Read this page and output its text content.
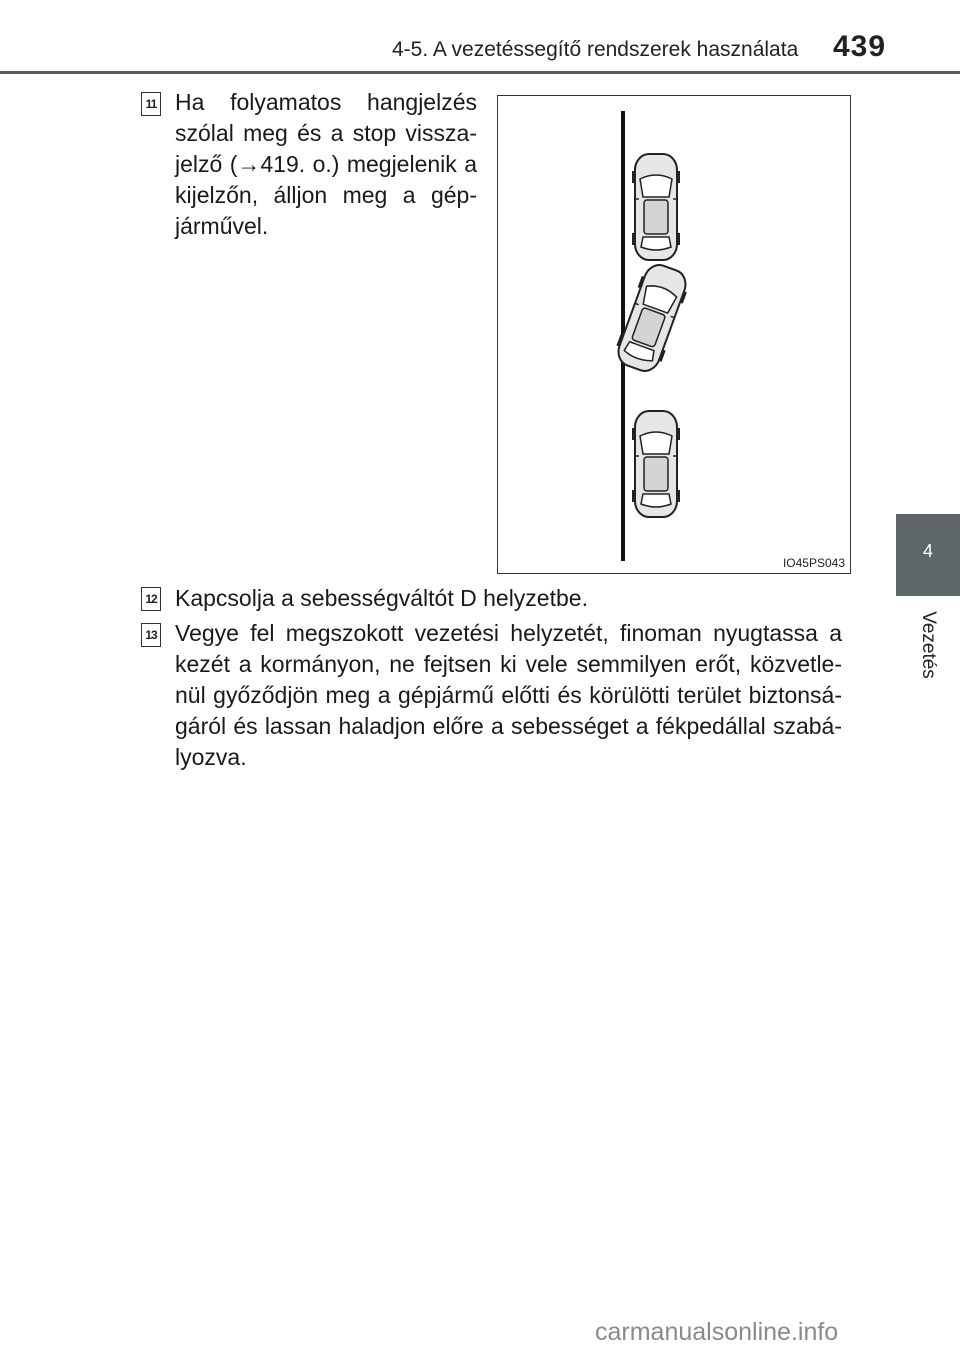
4-5. A vezetéssegítő rendszerek használata 439
4
Vezetés
11 Ha folyamatos hangjelzés szólal meg és a stop vissza-jelző (→419. o.) megjelenik a kijelzőn, álljon meg a gép-járművel.
IO45PS043
12 Kapcsolja a sebességváltót D helyzetbe.
13 Vegye fel megszokott vezetési helyzetét, finoman nyugtassa a kezét a kormányon, ne fejtsen ki vele semmilyen erőt, közvetle-nül győződjön meg a gépjármű előtti és körülötti terület biztonsá-gáról és lassan haladjon előre a sebességet a fékpedállal szabá-lyozva.
carmanualsonline.info
